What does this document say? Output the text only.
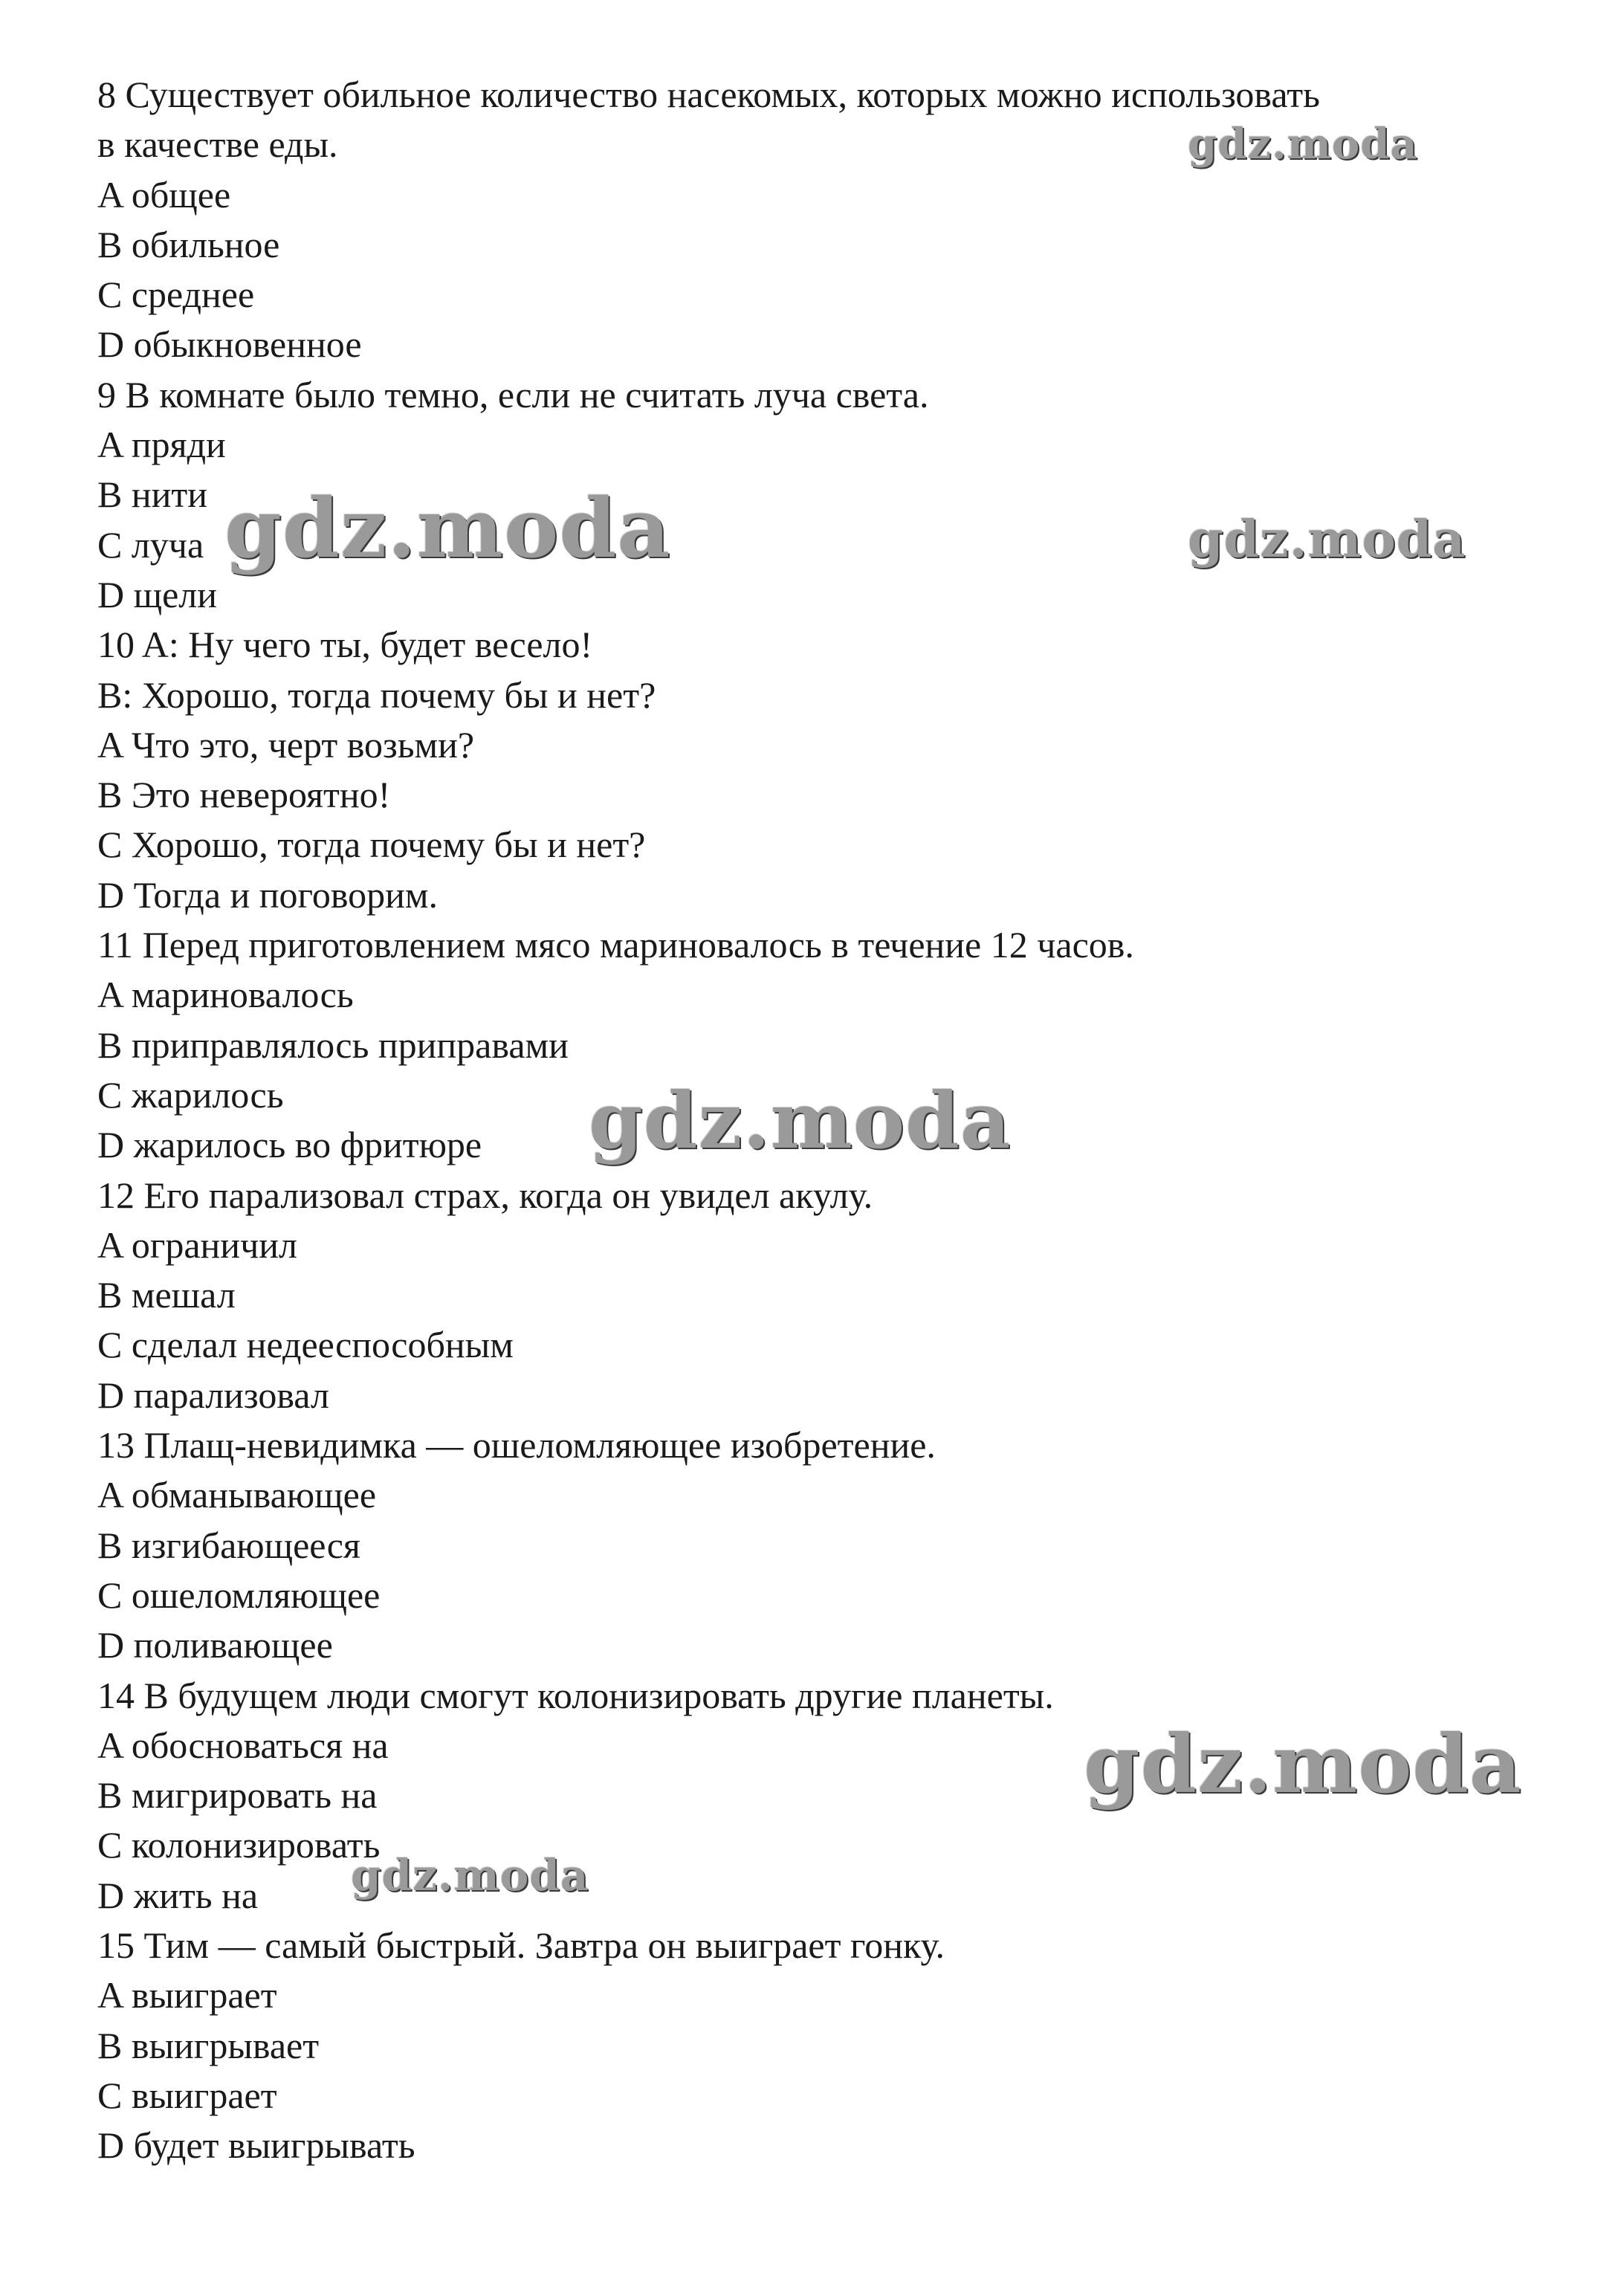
8 Существует обильное количество насекомых, которых можно использовать
в качестве еды.
A общее
B обильное
C среднее
D обыкновенное
9 В комнате было темно, если не считать луча света.
A пряди
B нити
C луча
D щели
10 A: Ну чего ты, будет весело!
B: Хорошо, тогда почему бы и нет?
A Что это, черт возьми?
B Это невероятно!
C Хорошо, тогда почему бы и нет?
D Тогда и поговорим.
11 Перед приготовлением мясо мариновалось в течение 12 часов.
A мариновалось
B приправлялось приправами
C жарилось
D жарилось во фритюре
12 Его парализовал страх, когда он увидел акулу.
A ограничил
B мешал
C сделал недееспособным
D парализовал
13 Плащ-невидимка — ошеломляющее изобретение.
A обманывающее
B изгибающееся
C ошеломляющее
D поливающее
14 В будущем люди смогут колонизировать другие планеты.
A обосноваться на
B мигрировать на
C колонизировать
D жить на
15 Тим — самый быстрый. Завтра он выиграет гонку.
A выиграет
B выигрывает
C выиграет
D будет выигрывать
gdz.moda
gdz.moda	gdz.moda
gdz.moda
gdz.moda
gdz.moda
